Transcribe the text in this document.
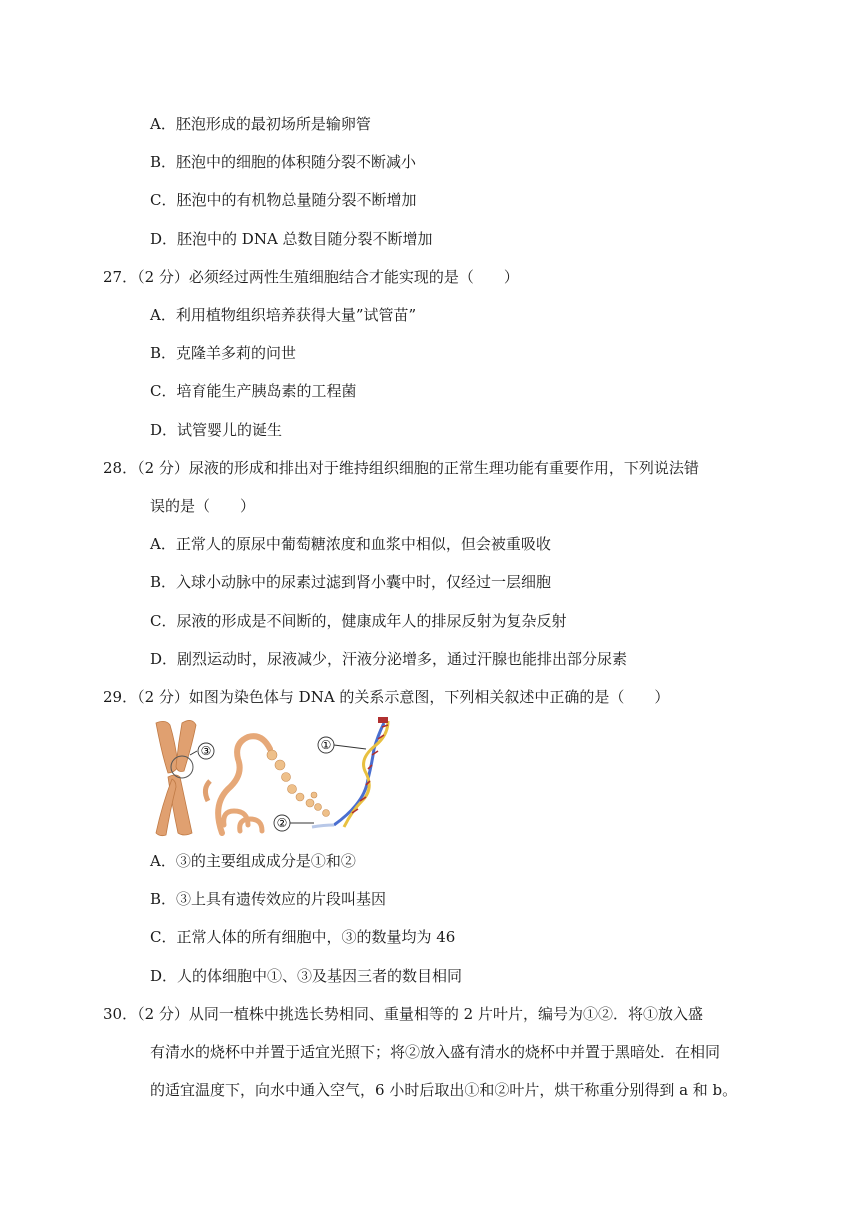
A．胚泡形成的最初场所是输卵管
B．胚泡中的细胞的体积随分裂不断减小
C．胚泡中的有机物总量随分裂不断增加
D．胚泡中的 DNA 总数目随分裂不断增加
27．（2 分）必须经过两性生殖细胞结合才能实现的是（　　）
A．利用植物组织培养获得大量”试管苗”
B．克隆羊多莉的问世
C．培育能生产胰岛素的工程菌
D．试管婴儿的诞生
28．（2 分）尿液的形成和排出对于维持组织细胞的正常生理功能有重要作用，下列说法错
误的是（　　）
A．正常人的原尿中葡萄糖浓度和血浆中相似，但会被重吸收
B．入球小动脉中的尿素过滤到肾小囊中时，仅经过一层细胞
C．尿液的形成是不间断的，健康成年人的排尿反射为复杂反射
D．剧烈运动时，尿液减少，汗液分泌增多，通过汗腺也能排出部分尿素
29．（2 分）如图为染色体与 DNA 的关系示意图，下列相关叙述中正确的是（　　）
③
②
①
A．③的主要组成成分是①和②
B．③上具有遗传效应的片段叫基因
C．正常人体的所有细胞中，③的数量均为 46
D．人的体细胞中①、③及基因三者的数目相同
30．（2 分）从同一植株中挑选长势相同、重量相等的 2 片叶片，编号为①②．将①放入盛
有清水的烧杯中并置于适宜光照下；将②放入盛有清水的烧杯中并置于黑暗处．在相同
的适宜温度下，向水中通入空气，6 小时后取出①和②叶片，烘干称重分别得到 a 和 b。
